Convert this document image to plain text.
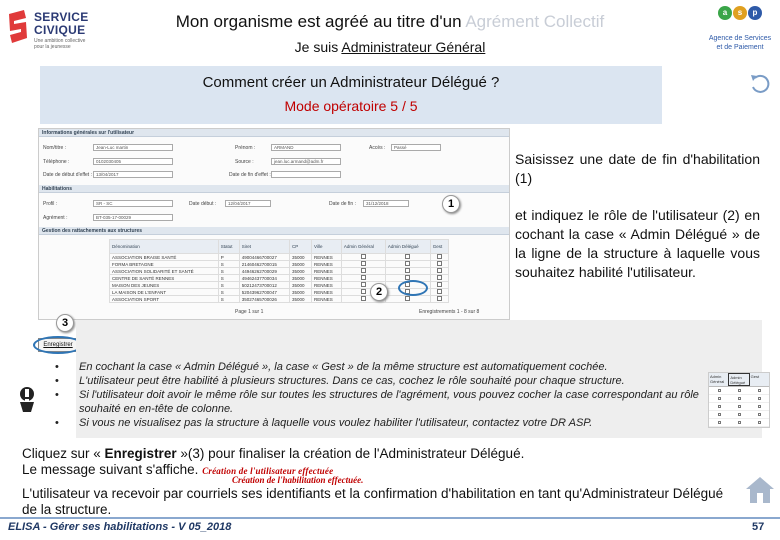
SERVICE
CIVIQUE
Une ambition collective pour la jeunesse
Mon organisme est agréé au titre d'un Agrément Collectif
Je suis Administrateur Général
a	s	p
Agence de Services
et de Paiement
Comment créer un Administrateur Délégué ?
Mode opératoire 5 / 5
Informations générales sur l'utilisateur
Nom/titre :	Jean-Luc martin	Prénom :	ARMAND	Accès :	Passé
Téléphone :	0102030405	Source :	jean.luc.armand@adm.fr
Date de début d'effet : 13/04/2017	Date de fin d'effet :
Habilitations
Profil :	SR - SC	Date début :	12/04/2017	Date de fin :	31/12/2018
Agrément :	BT-035-17-00029
Gestion des rattachements aux structures
Dénomination	Statut	Siret	CP	Ville	Admin Général	Admin Délégué	Gest
ASSOCIATION BRAISE SANTÉ	P	49004466700027	35000	RENNES			
FORMA BRETAGNE	S	21460462700015	35000	RENNES			
ASSOCIATION SOLIDARITÉ ET SANTÉ	S	44946262700029	35000	RENNES			
CENTRE DE SANTÉ RENNES	S	49462437700034	35000	RENNES			
MAISON DES JEUNES	S	50212473700012	35000	RENNES			
LA MAISON DE L'ENFANT	S	52043962700047	35000	RENNES			
ASSOCIATION SPORT	S	35027465700026	35000	RENNES			
Page 1 sur 1	Enregistrements 1 - 8 sur 8
1
2
3
Enregistrer

Saisissez une date de fin d'habilitation (1)

et indiquez le rôle de l'utilisateur (2) en cochant la case « Admin Délégué » de la ligne de la structure à laquelle vous souhaitez habilité l'utilisateur.

• En cochant la case « Admin Délégué », la case « Gest » de la même structure est automatiquement cochée.
• L'utilisateur peut être habilité à plusieurs structures. Dans ce cas, cochez le rôle souhaité pour chaque structure.
• Si l'utilisateur doit avoir le même rôle sur toutes les structures de l'agrément, vous pouvez cocher la case correspondant au rôle souhaité en en-tête de colonne.
• Si vous ne visualisez pas la structure à laquelle vous voulez habiliter l'utilisateur, contactez votre DR ASP.
Admin Général
Admin Délégué
Gest
Cliquez sur « Enregistrer »(3) pour finaliser la création de l'Administrateur Délégué.
Le message suivant s'affiche. Création de l'utilisateur effectuée
Création de l'habilitation effectuée.
L'utilisateur va recevoir par courriels ses identifiants et la confirmation d'habilitation en tant qu'Administrateur Délégué de la structure.
ELISA - Gérer ses habilitations - V 05_2018	57
